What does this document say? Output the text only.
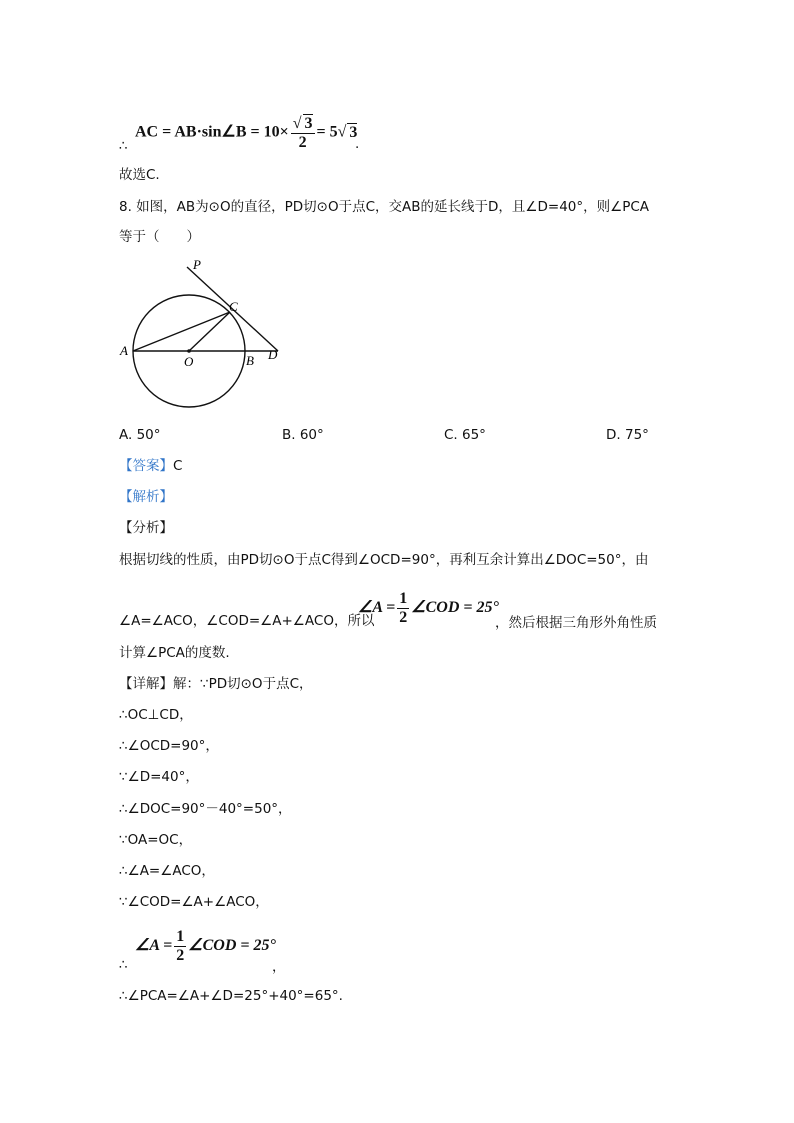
AC = AB·sin∠B = $10\times \frac{√ 3}{2} = 5√$ 3
∴	.
故选C.
8. 如图，AB为⊙O的直径，PD切⊙O于点C，交AB的延长线于D，且∠D=40°，则∠PCA
等于（　　）
P
C
A
O	B D
A. 50°	B. 60°	C. 65°	D. 75°
【答案】C
【解析】
【分析】
根据切线的性质，由PD切⊙O于点C得到∠OCD=90°，再利互余计算出∠DOC=50°，由
∠A=∠ACO，∠COD=∠A+∠ACO，所以
∠A = $\frac{1}{2}$ ∠COD = 25°
，然后根据三角形外角性质
计算∠PCA的度数.
【详解】解：∵PD切⊙O于点C，
∴OC⊥CD，
∴∠OCD=90°，
∵∠D=40°，
∴∠DOC=90°－40°=50°，
∵OA=OC，
∴∠A=∠ACO，
∵∠COD=∠A+∠ACO，
∠A = $\frac{1}{2}$ ∠COD = 25°
∴	，
∴∠PCA=∠A+∠D=25°+40°=65°.
